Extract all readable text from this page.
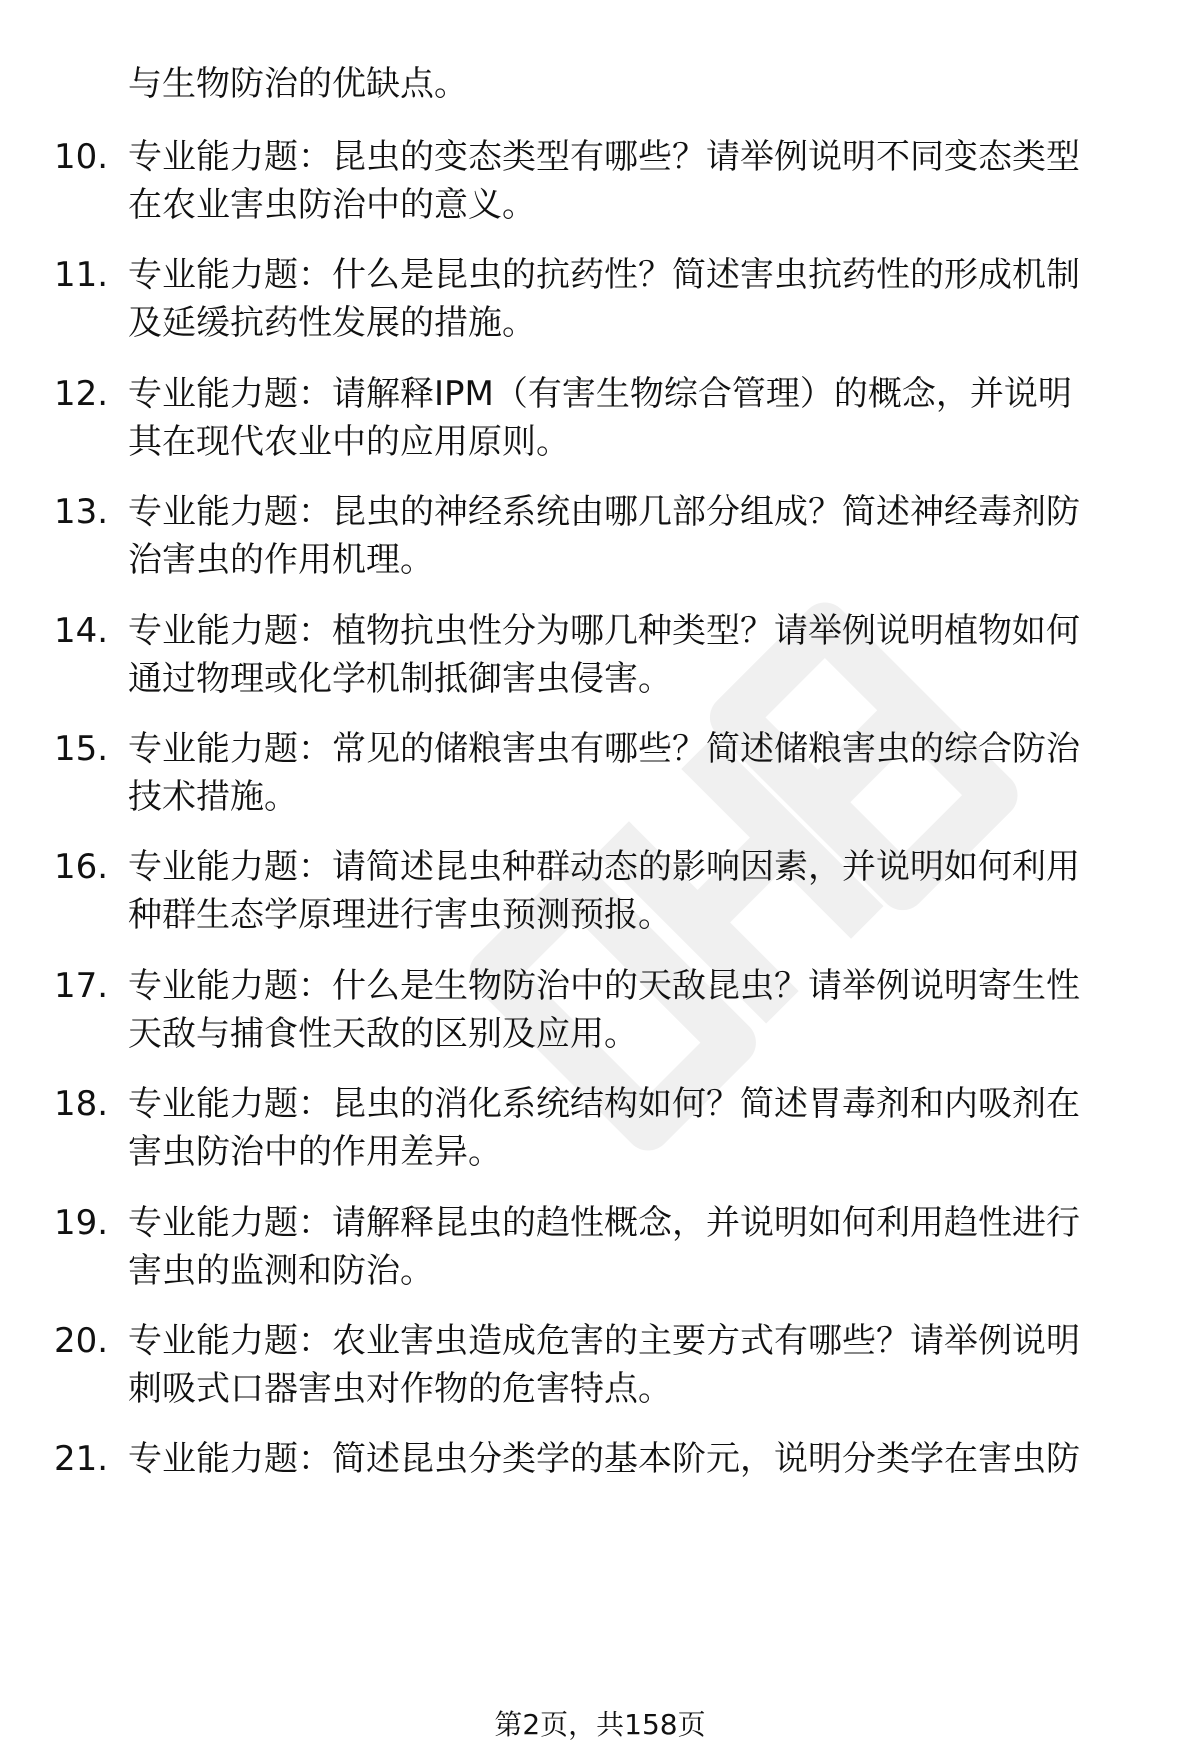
与生物防治的优缺点。
10. 专业能力题：昆虫的变态类型有哪些？请举例说明不同变态类型
在农业害虫防治中的意义。
11. 专业能力题：什么是昆虫的抗药性？简述害虫抗药性的形成机制
及延缓抗药性发展的措施。
12. 专业能力题：请解释IPM（有害生物综合管理）的概念，并说明
其在现代农业中的应用原则。
13. 专业能力题：昆虫的神经系统由哪几部分组成？简述神经毒剂防
治害虫的作用机理。
14. 专业能力题：植物抗虫性分为哪几种类型？请举例说明植物如何
通过物理或化学机制抵御害虫侵害。
15. 专业能力题：常见的储粮害虫有哪些？简述储粮害虫的综合防治
技术措施。
16. 专业能力题：请简述昆虫种群动态的影响因素，并说明如何利用
种群生态学原理进行害虫预测预报。
17. 专业能力题：什么是生物防治中的天敌昆虫？请举例说明寄生性
天敌与捕食性天敌的区别及应用。
18. 专业能力题：昆虫的消化系统结构如何？简述胃毒剂和内吸剂在
害虫防治中的作用差异。
19. 专业能力题：请解释昆虫的趋性概念，并说明如何利用趋性进行
害虫的监测和防治。
20. 专业能力题：农业害虫造成危害的主要方式有哪些？请举例说明
刺吸式口器害虫对作物的危害特点。
21. 专业能力题：简述昆虫分类学的基本阶元，说明分类学在害虫防
第2页，共158页
